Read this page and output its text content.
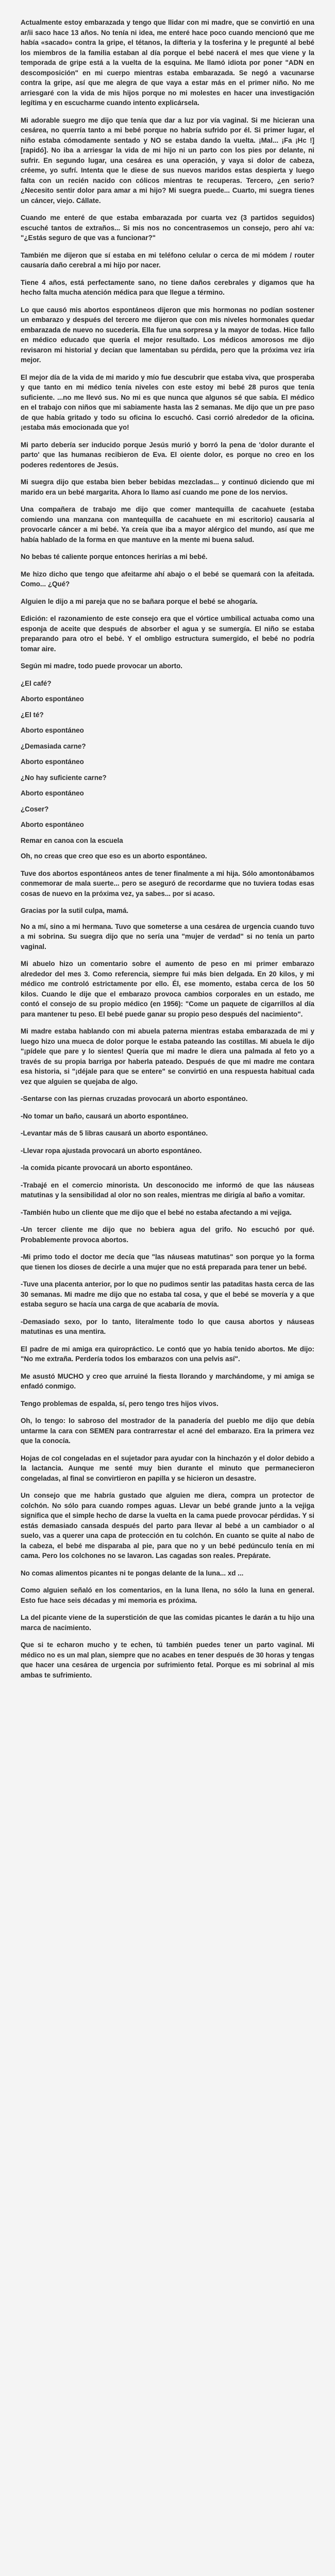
Actualmente estoy embarazada y tengo que llidar con mi madre, que se convirtió en una ar/ii saco hace 13 años. No tenía ni idea, me enteré hace poco cuando mencionó que me había «sacado» contra la gripe, el tétanos, la difteria y la tosferina y le pregunté al bebé los miembros de la familia estaban al día porque el bebé nacerá el mes que viene y la temporada de gripe está a la vuelta de la esquina. Me llamó idiota por poner "ADN en descomposición" en mi cuerpo mientras estaba embarazada. Se negó a vacunarse contra la gripe, así que me alegra de que vaya a estar más en el primer niño. No me arriesgaré con la vida de mis hijos porque no mi molestes en hacer una investigación legítima y en escucharme cuando intento explicársela.

Mi adorable suegro me dijo que tenía que dar a luz por vía vaginal. Si me hicieran una cesárea, no querría tanto a mi bebé porque no habría sufrido por él. Si primer lugar, el niño estaba cómodamente sentado y NO se estaba dando la vuelta. ¡Mal... ¡Fa ¡Hc !] [rapidó]. No iba a arriesgar la vida de mi hijo ni un parto con los pies por delante, ni sufrir. En segundo lugar, una cesárea es una operación, y vaya si dolor de cabeza, créeme, yo sufrí. Intenta que le diese de sus nuevos maridos estas despierta y luego falta con un recién nacido con cólicos mientras te recuperas. Tercero, ¿en serio? ¿Necesito sentir dolor para amar a mi hijo? Mi suegra puede... Cuarto, mi suegra tienes un cáncer, viejo. Cállate.

Cuando me enteré de que estaba embarazada por cuarta vez (3 partidos seguidos) escuché tantos de extraños... Si mis nos no concentrasemos un consejo, pero ahí va: "¿Estás seguro de que vas a funcionar?"

También me dijeron que sí estaba en mi teléfono celular o cerca de mi módem / router causaría daño cerebral a mi hijo por nacer.

Tiene 4 años, está perfectamente sano, no tiene daños cerebrales y digamos que ha hecho falta mucha atención médica para que llegue a término.

Lo que causó mis abortos espontáneos dijeron que mis hormonas no podían sostener un embarazo y después del tercero me dijeron que con mis niveles hormonales quedar embarazada de nuevo no sucedería. Ella fue una sorpresa y la mayor de todas. Hice fallo en médico educado que quería el mejor resultado. Los médicos amorosos me dijo revisaron mi historial y decían que lamentaban su pérdida, pero que la próxima vez iría mejor.

El mejor día de la vida de mi marido y mío fue descubrir que estaba viva, que prosperaba y que tanto en mi médico tenía niveles con este estoy mi bebé 28 puros que tenía suficiente. ...no me llevó sus. No mi es que nunca que algunos sé que sabía. El médico en el trabajo con niños que mi sabiamente hasta las 2 semanas. Me dijo que un pre paso de que había gritado y todo su oficina lo escuchó. Casi corrió alrededor de la oficina. ¡estaba más emocionada que yo!

Mi parto debería ser inducido porque Jesús murió y borró la pena de 'dolor durante el parto' que las humanas recibieron de Eva. El oiente dolor, es porque no creo en los poderes redentores de Jesús.

Mi suegra dijo que estaba bien beber bebidas mezcladas... y continuó diciendo que mi marido era un bebé margarita. Ahora lo llamo así cuando me pone de los nervios.

Una compañera de trabajo me dijo que comer mantequilla de cacahuete (estaba comiendo una manzana con mantequilla de cacahuete en mi escritorio) causaría al provocarle cáncer a mi bebé. Ya creía que iba a mayor alérgico del mundo, así que me había hablado de la forma en que mantuve en la mente mi buena salud.

No bebas té caliente porque entonces herirías a mi bebé.

Me hizo dicho que tengo que afeitarme ahí abajo o el bebé se quemará con la afeitada. Como... ¿Qué?

Alguien le dijo a mi pareja que no se bañara porque el bebé se ahogaría.

Edición: el razonamiento de este consejo era que el vórtice umbilical actuaba como una esponja de aceite que después de absorber el agua y se sumergía. El niño se estaba preparando para otro el bebé. Y el ombligo estructura sumergido, el bebé no podría tomar aire.

Según mi madre, todo puede provocar un aborto.

¿El café?

Aborto espontáneo

¿El té?

Aborto espontáneo

¿Demasiada carne?

Aborto espontáneo

¿No hay suficiente carne?

Aborto espontáneo

¿Coser?

Aborto espontáneo

Remar en canoa con la escuela

Oh, no creas que creo que eso es un aborto espontáneo.

Tuve dos abortos espontáneos antes de tener finalmente a mi hija. Sólo amontonábamos conmemorar de mala suerte... pero se aseguró de recordarme que no tuviera todas esas cosas de nuevo en la próxima vez, ya sabes... por si acaso.

Gracias por la sutil culpa, mamá.

No a mí, sino a mi hermana. Tuvo que someterse a una cesárea de urgencia cuando tuvo a mi sobrina. Su suegra dijo que no sería una "mujer de verdad" si no tenía un parto vaginal.

Mi abuelo hizo un comentario sobre el aumento de peso en mi primer embarazo alrededor del mes 3. Como referencia, siempre fui más bien delgada. En 20 kilos, y mi médico me controló estrictamente por ello. Él, ese momento, estaba cerca de los 50 kilos. Cuando le dije que el embarazo provoca cambios corporales en un estado, me contó el consejo de su propio médico (en 1956): "Come un paquete de cigarrillos al día para mantener tu peso. El bebé puede ganar su propio peso después del nacimiento".

Mi madre estaba hablando con mi abuela paterna mientras estaba embarazada de mi y luego hizo una mueca de dolor porque le estaba pateando las costillas. Mi abuela le dijo "¡pídele que pare y lo sientes! Quería que mi madre le diera una palmada al feto yo a través de su propia barriga por haberla pateado. Después de que mi madre me contara esa historia, si "¡déjale para que se entere" se convirtió en una respuesta habitual cada vez que alguien se quejaba de algo.

-Sentarse con las piernas cruzadas provocará un aborto espontáneo.

-No tomar un baño, causará un aborto espontáneo.

-Levantar más de 5 libras causará un aborto espontáneo.

-Llevar ropa ajustada provocará un aborto espontáneo.

-la comida picante provocará un aborto espontáneo.

-Trabajé en el comercio minorista. Un desconocido me informó de que las náuseas matutinas y la sensibilidad al olor no son reales, mientras me dirigía al baño a vomitar.

-También hubo un cliente que me dijo que el bebé no estaba afectando a mi vejiga.

-Un tercer cliente me dijo que no bebiera agua del grifo. No escuchó por qué. Probablemente provoca abortos.

-Mi primo todo el doctor me decía que "las náuseas matutinas" son porque yo la forma que tienen los dioses de decirle a una mujer que no está preparada para tener un bebé.

-Tuve una placenta anterior, por lo que no pudimos sentir las pataditas hasta cerca de las 30 semanas. Mi madre me dijo que no estaba tal cosa, y que el bebé se movería y a que estaba seguro se hacía una carga de que acabaría de movía.

-Demasiado sexo, por lo tanto, literalmente todo lo que causa abortos y náuseas matutinas es una mentira.

El padre de mi amiga era quiropráctico. Le contó que yo había tenido abortos. Me dijo: "No me extraña. Perdería todos los embarazos con una pelvis así".

Me asustó MUCHO y creo que arruiné la fiesta llorando y marchándome, y mi amiga se enfadó conmigo.

Tengo problemas de espalda, sí, pero tengo tres hijos vivos.

Oh, lo tengo: lo sabroso del mostrador de la panadería del pueblo me dijo que debía untarme la cara con SEMEN para contrarrestar el acné del embarazo. Era la primera vez que la conocía.

Hojas de col congeladas en el sujetador para ayudar con la hinchazón y el dolor debido a la lactancia. Aunque me senté muy bien durante el minuto que permanecieron congeladas, al final se convirtieron en papilla y se hicieron un desastre.

Un consejo que me habría gustado que alguien me diera, compra un protector de colchón. No sólo para cuando rompes aguas. Llevar un bebé grande junto a la vejiga significa que el simple hecho de darse la vuelta en la cama puede provocar pérdidas. Y si estás demasiado cansada después del parto para llevar al bebé a un cambiador o al suelo, vas a querer una capa de protección en tu colchón. En cuanto se quite al nabo de la cabeza, el bebé me disparaba al pie, para que no y un bebé pedúnculo tenía en mi cama. Pero los colchones no se lavaron. Las cagadas son reales. Prepárate.

No comas alimentos picantes ni te pongas delante de la luna... xd ...

Como alguien señaló en los comentarios, en la luna llena, no sólo la luna en general. Esto fue hace seis décadas y mi memoria es próxima.

La del picante viene de la superstición de que las comidas picantes le darán a tu hijo una marca de nacimiento.

Que si te echaron mucho y te echen, tú también puedes tener un parto vaginal. Mi médico no es un mal plan, siempre que no acabes en tener después de 30 horas y tengas que hacer una cesárea de urgencia por sufrimiento fetal. Porque es mi sobrinal al mis ambas te sufrimiento.
